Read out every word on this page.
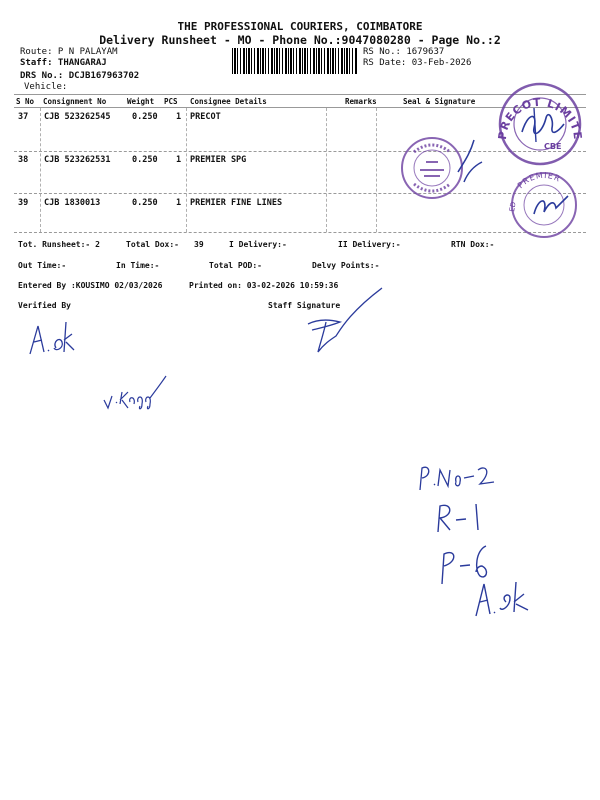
THE PROFESSIONAL COURIERS, COIMBATORE
Delivery Runsheet - MO - Phone No.:9047080280 - Page No.:2
Route: P N PALAYAM
Staff: THANGARAJ
DRS No.: DCJB167963702
Vehicle:
RS No.: 1679637
RS Date: 03-Feb-2026
S No Consignment No	Weight PCS Consignee Details	Remarks	Seal & Signature
37 CJB 523262545	0.250 1 PRECOT
38 CJB 523262531	0.250 1 PREMIER SPG
39 CJB 1830013	0.250 1 PREMIER FINE LINES
Tot. Runsheet:- 2	Total Dox:- 39	I Delivery:-	II Delivery:-	RTN Dox:-
Out Time:-	In Time:-	Total POD:-	Delvy Points:-
Entered By :KOUSIMO 02/03/2026	Printed on: 03-02-2026 10:59:36
Verified By	Staff Signature
PRECOT LIMITED
CBE
PREMIER
ED
